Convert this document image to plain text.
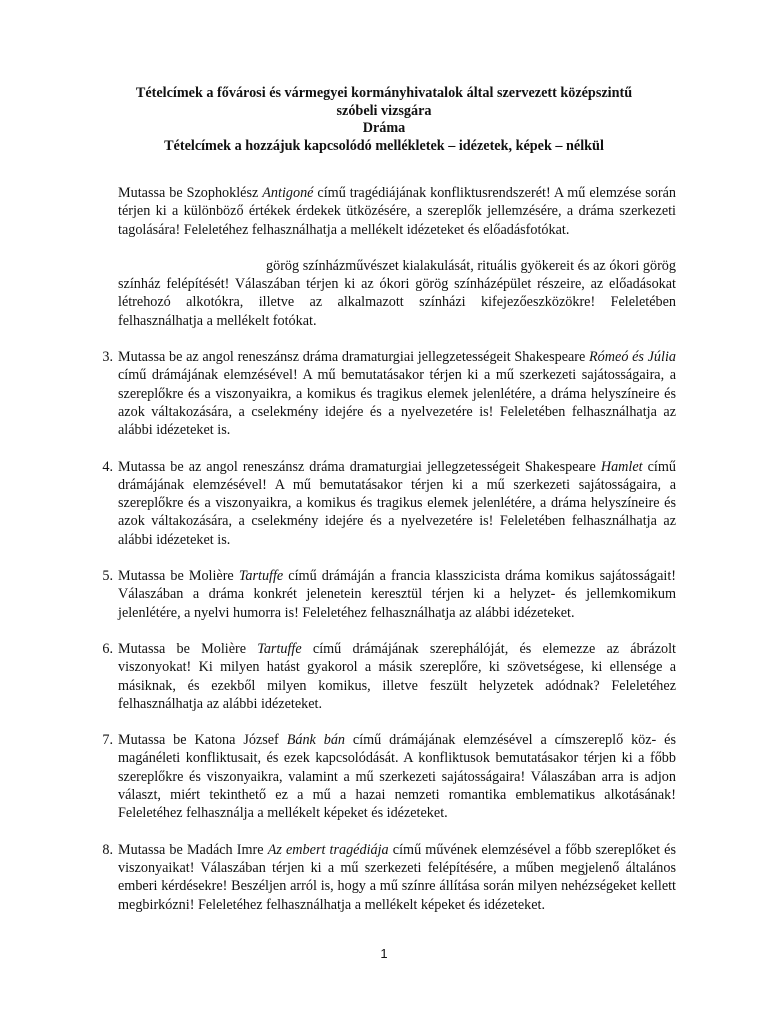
Tételcímek a fővárosi és vármegyei kormányhivatalok által szervezett középszintű
szóbeli vizsgára
Dráma
Tételcímek a hozzájuk kapcsolódó mellékletek – idézetek, képek – nélkül
Mutassa be Szophoklész Antigoné című tragédiájának konfliktusrendszerét! A mű elemzése során térjen ki a különböző értékek érdekek ütközésére, a szereplők jellemzésére, a dráma szerkezeti tagolására! Feleletéhez felhasználhatja a mellékelt idézeteket és előadásfotókat.
görög színházművészet kialakulását, rituális gyökereit és az ókori görög színház felépítését! Válaszában térjen ki az ókori görög színházépület részeire, az előadásokat létrehozó alkotókra, illetve az alkalmazott színházi kifejezőeszközökre! Feleletében felhasználhatja a mellékelt fotókat.
3. Mutassa be az angol reneszánsz dráma dramaturgiai jellegzetességeit Shakespeare Rómeó és Júlia című drámájának elemzésével! A mű bemutatásakor térjen ki a mű szerkezeti sajátosságaira, a szereplőkre és a viszonyaikra, a komikus és tragikus elemek jelenlétére, a dráma helyszíneire és azok váltakozására, a cselekmény idejére és a nyelvezetére is! Feleletében felhasználhatja az alábbi idézeteket is.
4. Mutassa be az angol reneszánsz dráma dramaturgiai jellegzetességeit Shakespeare Hamlet című drámájának elemzésével! A mű bemutatásakor térjen ki a mű szerkezeti sajátosságaira, a szereplőkre és a viszonyaikra, a komikus és tragikus elemek jelenlétére, a dráma helyszíneire és azok váltakozására, a cselekmény idejére és a nyelvezetére is! Feleletében felhasználhatja az alábbi idézeteket is.
5. Mutassa be Molière Tartuffe című drámáján a francia klasszicista dráma komikus sajátosságait! Válaszában a dráma konkrét jelenetein keresztül térjen ki a helyzet- és jellemkomikum jelenlétére, a nyelvi humorra is! Feleletéhez felhasználhatja az alábbi idézeteket.
6. Mutassa be Molière Tartuffe című drámájának szerephálóját, és elemezze az ábrázolt viszonyokat! Ki milyen hatást gyakorol a másik szereplőre, ki szövetségese, ki ellensége a másiknak, és ezekből milyen komikus, illetve feszült helyzetek adódnak? Feleletéhez felhasználhatja az alábbi idézeteket.
7. Mutassa be Katona József Bánk bán című drámájának elemzésével a címszereplő köz- és magánéleti konfliktusait, és ezek kapcsolódását. A konfliktusok bemutatásakor térjen ki a főbb szereplőkre és viszonyaikra, valamint a mű szerkezeti sajátosságaira! Válaszában arra is adjon választ, miért tekinthető ez a mű a hazai nemzeti romantika emblematikus alkotásának! Feleletéhez felhasználja a mellékelt képeket és idézeteket.
8. Mutassa be Madách Imre Az embert tragédiája című művének elemzésével a főbb szereplőket és viszonyaikat! Válaszában térjen ki a mű szerkezeti felépítésére, a műben megjelenő általános emberi kérdésekre! Beszéljen arról is, hogy a mű színre állítása során milyen nehézségeket kellett megbirkózni! Feleletéhez felhasználhatja a mellékelt képeket és idézeteket.
1
